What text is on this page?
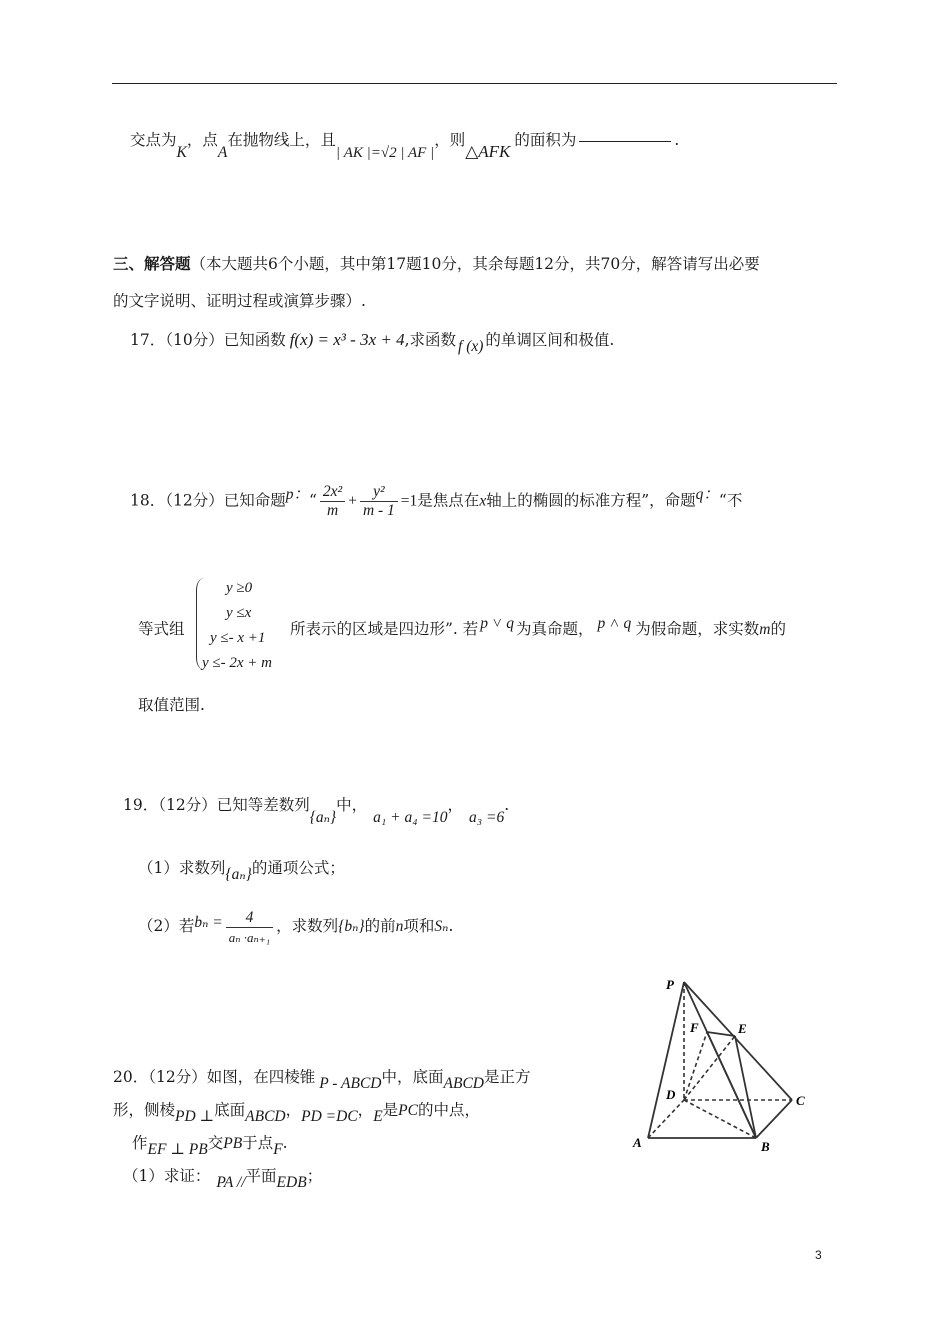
交点为K，点A在抛物线上，且| AK |=√2 | AF |，则△AFK的面积为	.
三、解答题（本大题共6个小题，其中第17题10分，其余每题12分，共70分，解答请写出必要
的文字说明、证明过程或演算步骤）.
17．（10分）已知函数 f(x) = x³ - 3x + 4,求函数 f (x) 的单调区间和极值.
18．（12分）已知命题p：“ $\frac{\text{2x²}}{m} + \frac{\text{y²}}{m - 1} =1$是焦点在x轴上的椭圆的标准方程”，命题q：“不
等式组
y ≥0
y ≤x
y ≤- x +1
y ≤- 2x + m
所表示的区域是四边形”. 若 p ˅ q 为真命题， p ˄ q 为假命题，求实数m的
取值范围.
19．（12分）已知等差数列{aₙ}中，a₁ + a₄ =10，a₃ =6.
（1）求数列{aₙ}的通项公式；
（2）若$b_n = \frac{4}{\text{aₙ ·aₙ₊₁}}$ ，求数列{bₙ}的前n项和Sₙ.
20．（12分）如图，在四棱锥 P - ABCD中，底面ABCD是正方
形，侧棱PD ⊥底面ABCD，PD =DC，E是PC的中点，
作EF ⊥ PB交PB于点F.
（1）求证： PA //平面EDB；
P
F	E
D	C
A	B
3
